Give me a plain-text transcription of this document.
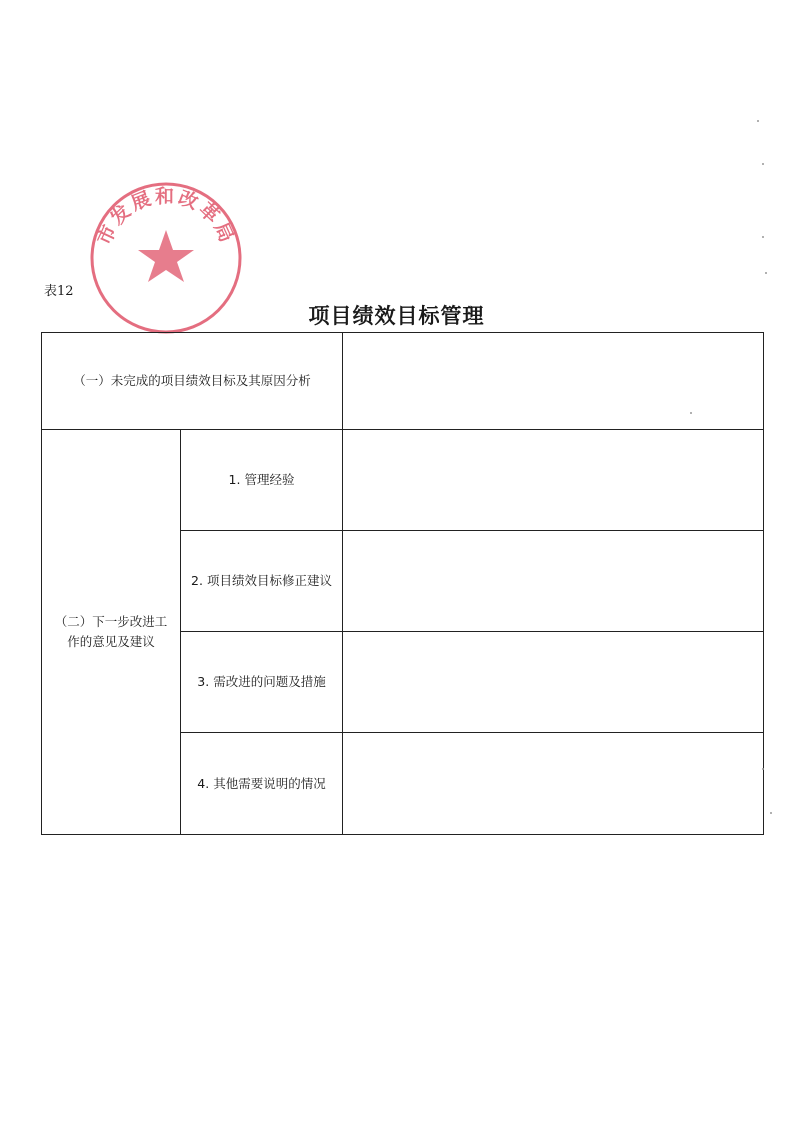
表12
市发展和改革局
项目绩效目标管理
（一）未完成的项目绩效目标及其原因分析		
（二）下一步改进工作的意见及建议	1. 管理经验	
	2. 项目绩效目标修正建议	
	3. 需改进的问题及措施	
	4. 其他需要说明的情况	
